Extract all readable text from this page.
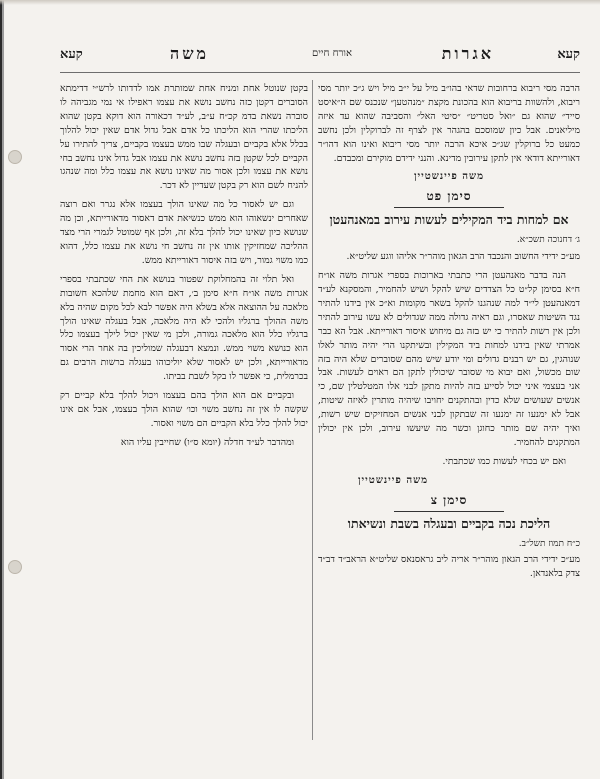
קעא
אגרות
אורח חיים
משה
קעא

הרבה מסי ריבוא ברחובות שדאי בהו״ב מיל על י״ב מיל ויש ג״כ יותר מסי ריבוא, ולהשוות בריבוא הוא בהכונת מקצת ״מנהטען״ שנכנס שם ה״איסט סייד״ שהוא גם ״ואל סטריט״ ״סיטי האל״ והסביבה שהוא עד איזה מיליאנים. אבל כיון שמוסכם בהגהר אין לצרף זה לברוקלין ולכן נחשב כמעט כל ברוקלין שג״כ איכא הרבה יותר מסי ריבוא ואינו הוא דהו״ר דאורייתא דודאי אין לתקן עירובין מדינא. והנני ידידם מוקירם ומכבדם.

משה פיינשטיין
סימן פט
אם למחות ביד המקילים לעשות עירוב במאנהעטן
ג׳ דחנוכה תשכ״א.

מע״כ ידידי החשוב והנכבד הרב הגאון מוהר״ר אליהו ווגע שליט״א.

הנה בדבר מאנהעטן הרי כתבתי בארוכות בספרי אגרות משה או״ח ח״א בסימן קל״ט כל הצדדים שיש להקל ושיש להחמיר, והמסקנא לע״ד דמאנהעטן לי״ד למה שנהגנו להקל בשאר מקומות וא״כ אין בידנו להתיר נגד השיטות שאסרו, וגם ראיה גדולה ממה שגדולים לא עשו עירוב להתיר ולכן אין רשות להתיר כי יש בזה גם מיחוש איסור דאורייתא. אבל הא כבר אמרתי שאין בידנו למחות ביד המקילין ובשיתקנו הרי יהיה מותר לאלו שנוהגין, גם יש רבנים גדולים ומי יודע שיש מהם שסוברים שלא היה בזה שום מכשול, ואם יבוא מי שסובר שיכולין לתקן הם ראוים לעשות. אבל אני בעצמי איני יכול לסייע בזה להיות מתקן לבני אלו המטלטלין שם, כי אנשים שעושים שלא כדין ובהתקנים יחויבו שיהיה מותרין לאיזה שיטות, אבל לא ימנעו זה ימנעו זה שבתקון לבני אנשים המחזיקים שיש רשות, ואיך יהיה שם מותר כחוגן וכשר מה שיעשו עירוב, ולכן אין יכולין המתקנים להחמיר.

ואם יש בכחי לעשות כמו שכתבתי.

משה פיינשטיין
סימן צ
הליכת נכה בקביים ובעגלה בשבת ונשיאתו
כ״ח תמוז תשל״ב.

מע״כ ידידי הרב הגאון מוהר״ר אריה ליב גראסנאס שליט״א הראב״ד דב״ד צדק בלאנדאן.

בקטן שנוטל אחת ומניח אחת שמותרת אמו לדדותו לרש״י דדימתא הסוברים דקטן כזה נחשב נושא את עצמו ראפילו אי נמי מגביהה לו סוברה נשאת בדמ קכ״ח ע״ב, לע״ד דכאורה הוא דוקא בקטן שהוא הליכתו שהרי הוא הליכתו כל אדם אבל גדול אדם שאין יכול להלוך בכלל אלא בקביים ובעגלה שבו ממש בעצמו בקביים, צריך להתירו על הקביים לכל שקטן בזה נחשב נושא את עצמו אבל גדול אינו נחשב בחי נושא את עצמו ולכן אסור מה שאינו נושא את עצמו כלל ומה שנהגו להניח לשם הוא רק בקטן שעדיין לא דכר.

וגם יש לאסור כל מה שאינו הולך בעצמו אלא נגרר ואם רוצה שאחרים ינשאוהו הוא ממש כנשיאת אדם דאסור מדאורייתא, וכן מה שנושא כיון שאינו יכול להלך בלא זה, ולכן אף שמוטל לגמרי הרי מצד ההליכה שמחזיקין אותו אין זה נחשב חי נושא את עצמו כלל, דהוא כמו משוי גמור, ויש בזה איסור דאורייתא ממש.

ואל תלוי זה בהמחלוקת שפטור בנושא את החי שכתבתי בספרי אגרות משה או״ח ח״א סימן ב׳, דאם הוא מחמת שלהכא חשובות מלאכה על ההוצאה אלא בשלא היה אפשר לבא לכל מקום שהיה בלא משה ההולך ברגליו ולהכי לא היה מלאכה, אבל בעגלה שאינו הולך ברגליו כלל הוא מלאכה גמורה, ולכן מי שאין יכול לילך בעצמו כלל הוא כנושא משוי ממש. ונמצא דבעגלה שמוליכין בה אחר הרי אסור מדאורייתא, ולכן יש לאסור שלא יוליכוהו בעגלה ברשות הרבים גם בכרמלית, כי אפשר לו בקל לשבת בביתו.

ובקביים אם הוא הולך בהם בעצמו ויכול להלך בלא קביים רק שקשה לו אין זה נחשב משוי וכו׳ שהוא הולך בעצמו, אבל אם אינו יכול להלך כלל בלא הקביים הם משוי ואסור.

ומהדבר לע״ד חדלה (יומא ס״ו) שחייבין עליו הוא
